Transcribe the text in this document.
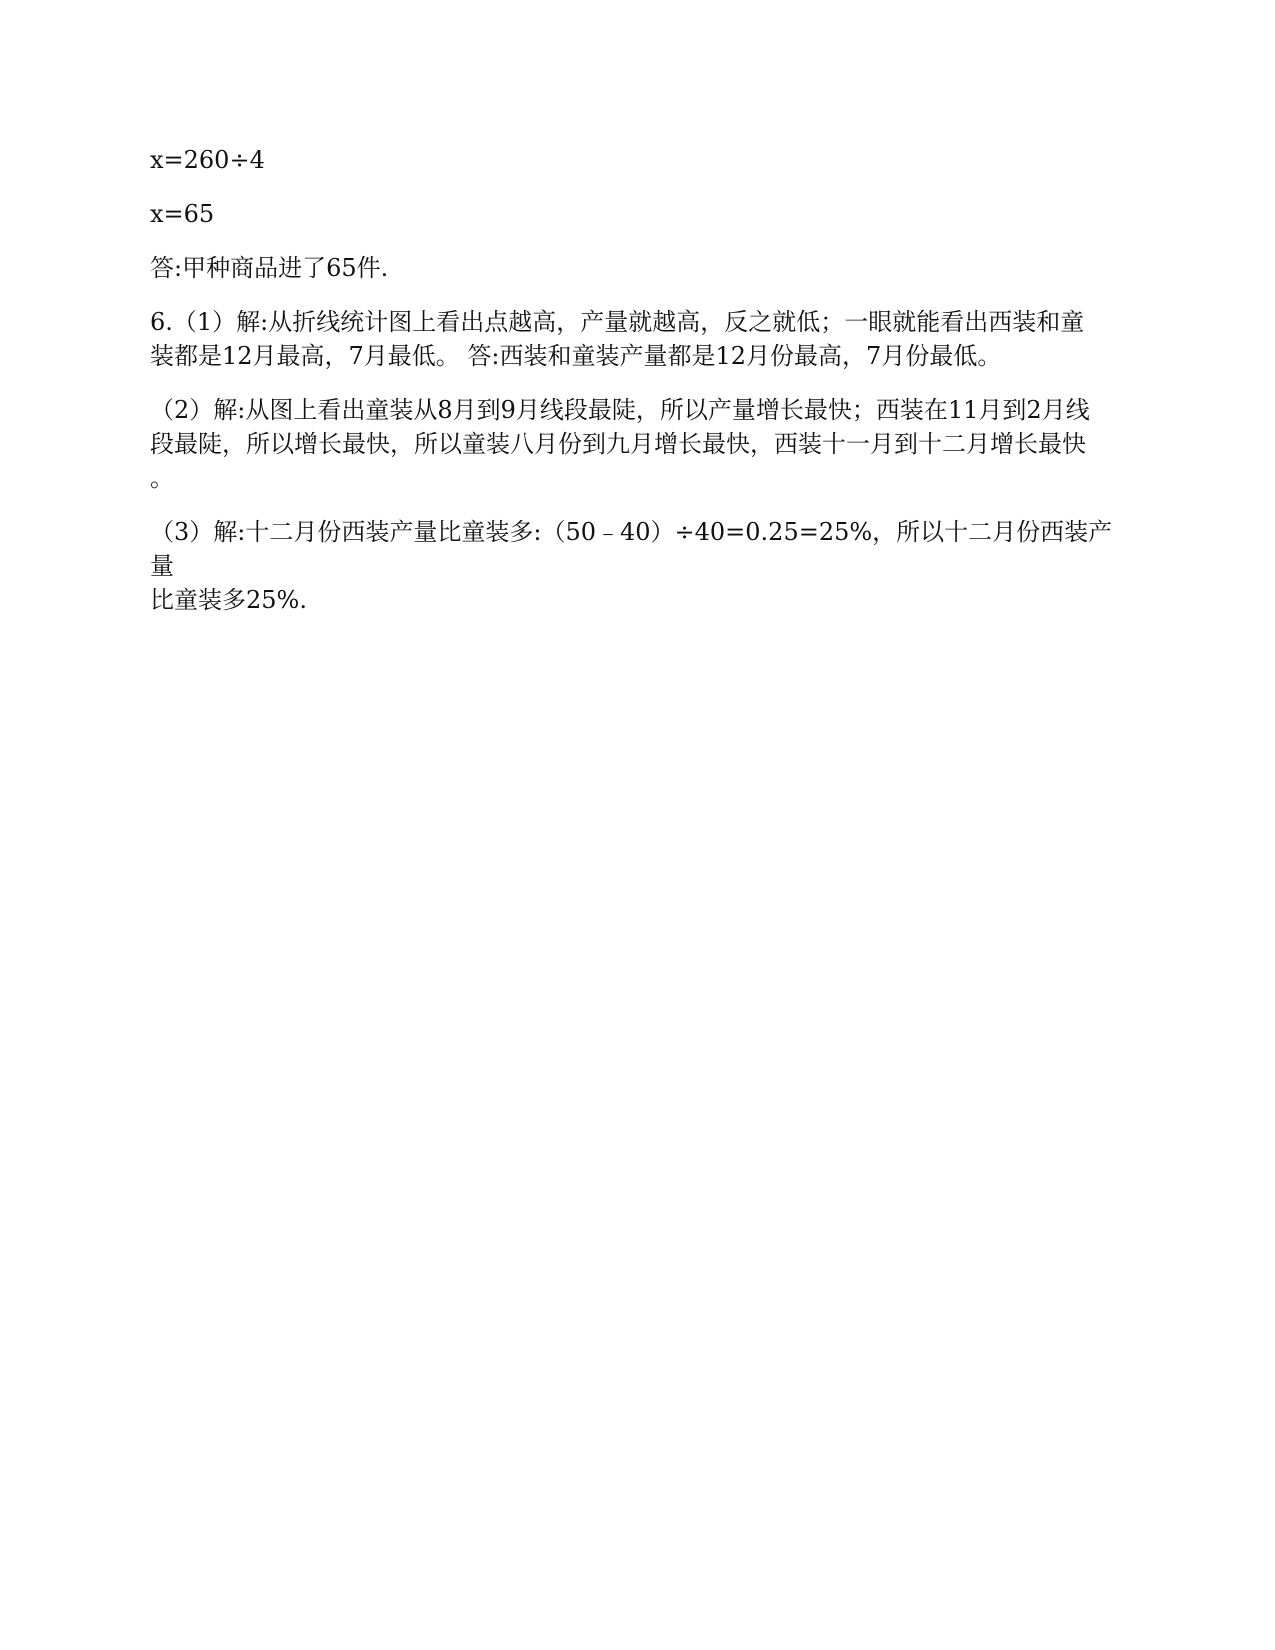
x=260÷4
x=65
答:甲种商品进了65件.
6.（1）解:从折线统计图上看出点越高，产量就越高，反之就低；一眼就能看出西装和童
装都是12月最高，7月最低。 答:西装和童装产量都是12月份最高，7月份最低。
（2）解:从图上看出童装从8月到9月线段最陡，所以产量增长最快；西装在11月到2月线
段最陡，所以增长最快，所以童装八月份到九月增长最快，西装十一月到十二月增长最快
。
（3）解:十二月份西装产量比童装多:（50﹣40）÷40=0.25=25%，所以十二月份西装产量
比童装多25%.
